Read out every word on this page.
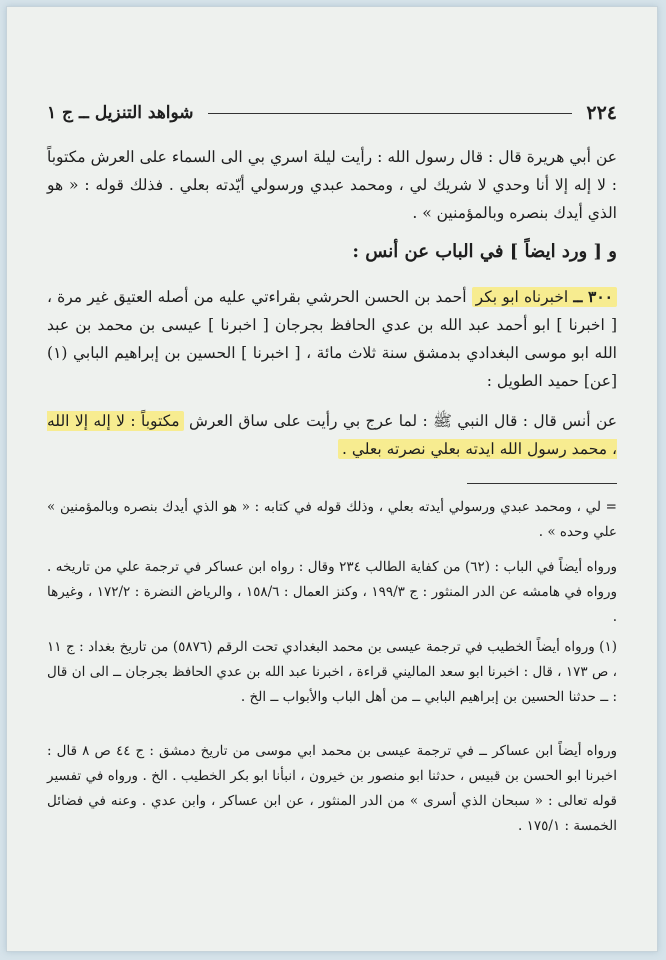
٢٢٤
شواهد التنزيل ــ ج ١
عن أبي هريرة قال : قال رسول الله : رأيت ليلة اسري بي الى السماء على العرش مكتوباً : لا إله إلا أنا وحدي لا شريك لي ، ومحمد عبدي ورسولي أيّدته بعلي . فذلك قوله : « هو الذي أيدك بنصره وبالمؤمنين » .
و [ ورد ايضاً ] في الباب عن أنس :
٣٠٠ ــ اخبرناه ابو بكر أحمد بن الحسن الحرشي بقراءتي عليه من أصله العتيق غير مرة ، [ اخبرنا ] ابو أحمد عبد الله بن عدي الحافظ بجرجان [ اخبرنا ] عيسى بن محمد بن عبد الله ابو موسى البغدادي بدمشق سنة ثلاث مائة ، [ اخبرنا ] الحسين بن إبراهيم البابي (١) [عن] حميد الطويل :
عن أنس قال : قال النبي ﷺ : لما عرج بي رأيت على ساق العرش مكتوباً : لا إله إلا الله ، محمد رسول الله ايدته بعلي نصرته بعلي .
= لي ، ومحمد عبدي ورسولي أيدته بعلي ، وذلك قوله في كتابه : « هو الذي أيدك بنصره وبالمؤمنين » علي وحده » .
ورواه أيضاً في الباب : (٦٢) من كفاية الطالب ٢٣٤ وقال : رواه ابن عساكر في ترجمة علي من تاريخه . ورواه في هامشه عن الدر المنثور : ج ١٩٩/٣ ، وكنز العمال : ١٥٨/٦ ، والرياض النضرة : ١٧٢/٢ ، وغيرها .
(١) ورواه أيضاً الخطيب في ترجمة عيسى بن محمد البغدادي تحت الرقم (٥٨٧٦) من تاريخ بغداد : ج ١١ ، ص ١٧٣ ، قال : اخبرنا ابو سعد الماليني قراءة ، اخبرنا عبد الله بن عدي الحافظ بجرجان ــ الى ان قال : ــ حدثنا الحسين بن إبراهيم البابي ــ من أهل الباب والأبواب ــ الخ .
ورواه أيضاً ابن عساكر ــ في ترجمة عيسى بن محمد ابي موسى من تاريخ دمشق : ج ٤٤ ص ٨ قال : اخبرنا ابو الحسن بن قبيس ، حدثنا ابو منصور بن خيرون ، انبأنا ابو بكر الخطيب . الخ . ورواه في تفسير قوله تعالى : « سبحان الذي أسرى » من الدر المنثور ، عن ابن عساكر ، وابن عدي . وعنه في فضائل الخمسة : ١٧٥/١ .
